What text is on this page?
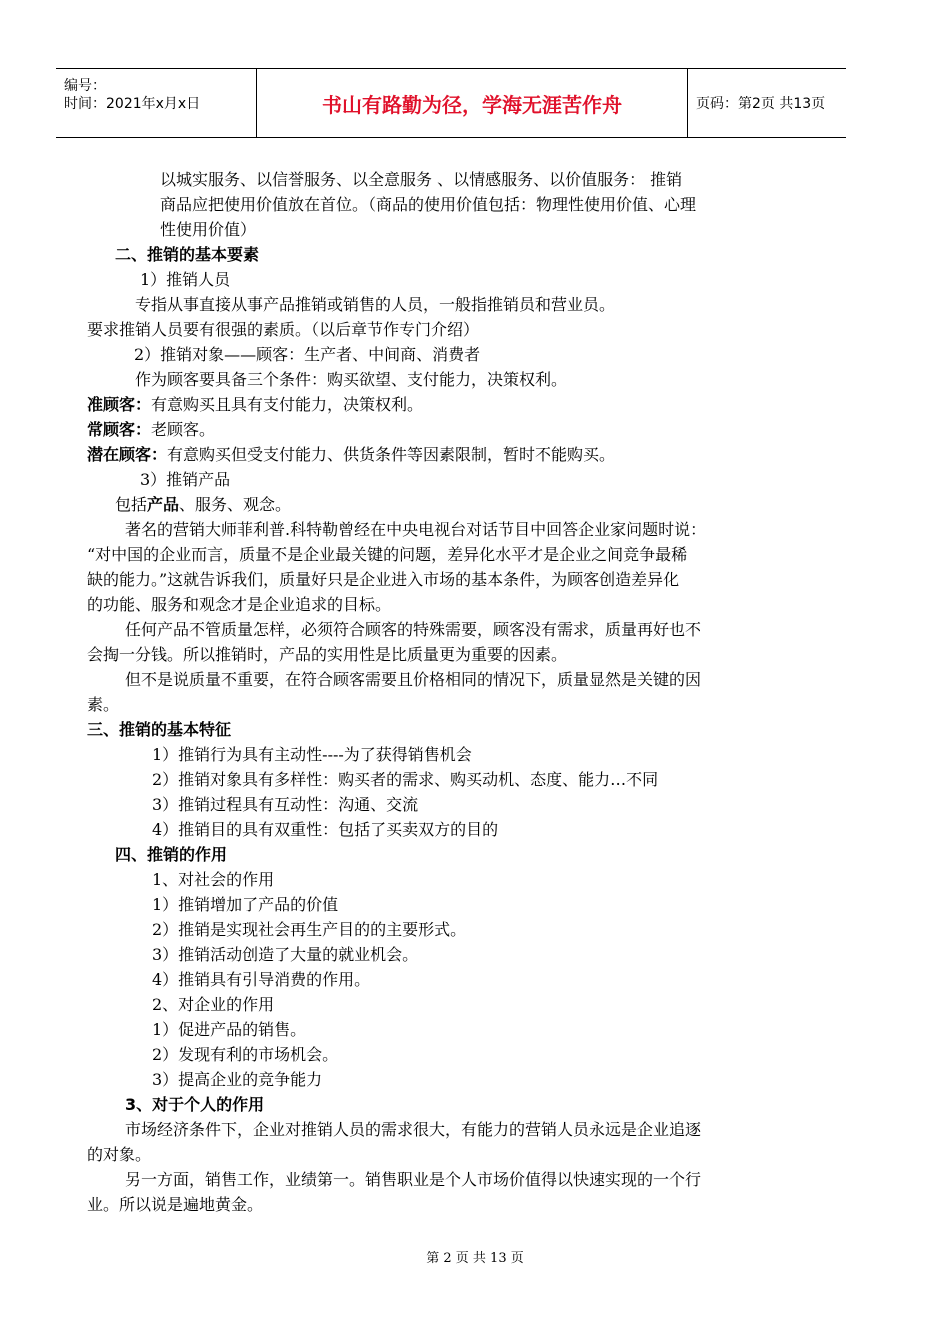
编号：
时间：2021年x月x日	书山有路勤为径，学海无涯苦作舟	页码：第2页 共13页
以城实服务、以信誉服务、以全意服务 、以情感服务、以价值服务： 推销
商品应把使用价值放在首位。（商品的使用价值包括：物理性使用价值、心理
性使用价值）
二、推销的基本要素
1）推销人员
专指从事直接从事产品推销或销售的人员，一般指推销员和营业员。
要求推销人员要有很强的素质。（以后章节作专门介绍）
2）推销对象——顾客：生产者、中间商、消费者
作为顾客要具备三个条件：购买欲望、支付能力，决策权利。
准顾客：有意购买且具有支付能力，决策权利。
常顾客：老顾客。
潜在顾客：有意购买但受支付能力、供货条件等因素限制，暂时不能购买。
3）推销产品
包括产品、服务、观念。
著名的营销大师菲利普.科特勒曾经在中央电视台对话节目中回答企业家问题时说：
“对中国的企业而言，质量不是企业最关键的问题，差异化水平才是企业之间竞争最稀
缺的能力。”这就告诉我们，质量好只是企业进入市场的基本条件，为顾客创造差异化
的功能、服务和观念才是企业追求的目标。
任何产品不管质量怎样，必须符合顾客的特殊需要，顾客没有需求，质量再好也不
会掏一分钱。所以推销时，产品的实用性是比质量更为重要的因素。
但不是说质量不重要，在符合顾客需要且价格相同的情况下，质量显然是关键的因
素。
三、推销的基本特征
1）推销行为具有主动性----为了获得销售机会
2）推销对象具有多样性：购买者的需求、购买动机、态度、能力…不同
3）推销过程具有互动性：沟通、交流
4）推销目的具有双重性：包括了买卖双方的目的
四、推销的作用
1、对社会的作用
1）推销增加了产品的价值
2）推销是实现社会再生产目的的主要形式。
3）推销活动创造了大量的就业机会。
4）推销具有引导消费的作用。
2、对企业的作用
1）促进产品的销售。
2）发现有利的市场机会。
3）提高企业的竞争能力
3、对于个人的作用
市场经济条件下，企业对推销人员的需求很大，有能力的营销人员永远是企业追逐
的对象。
另一方面，销售工作，业绩第一。销售职业是个人市场价值得以快速实现的一个行
业。所以说是遍地黄金。
第 2 页 共 13 页
